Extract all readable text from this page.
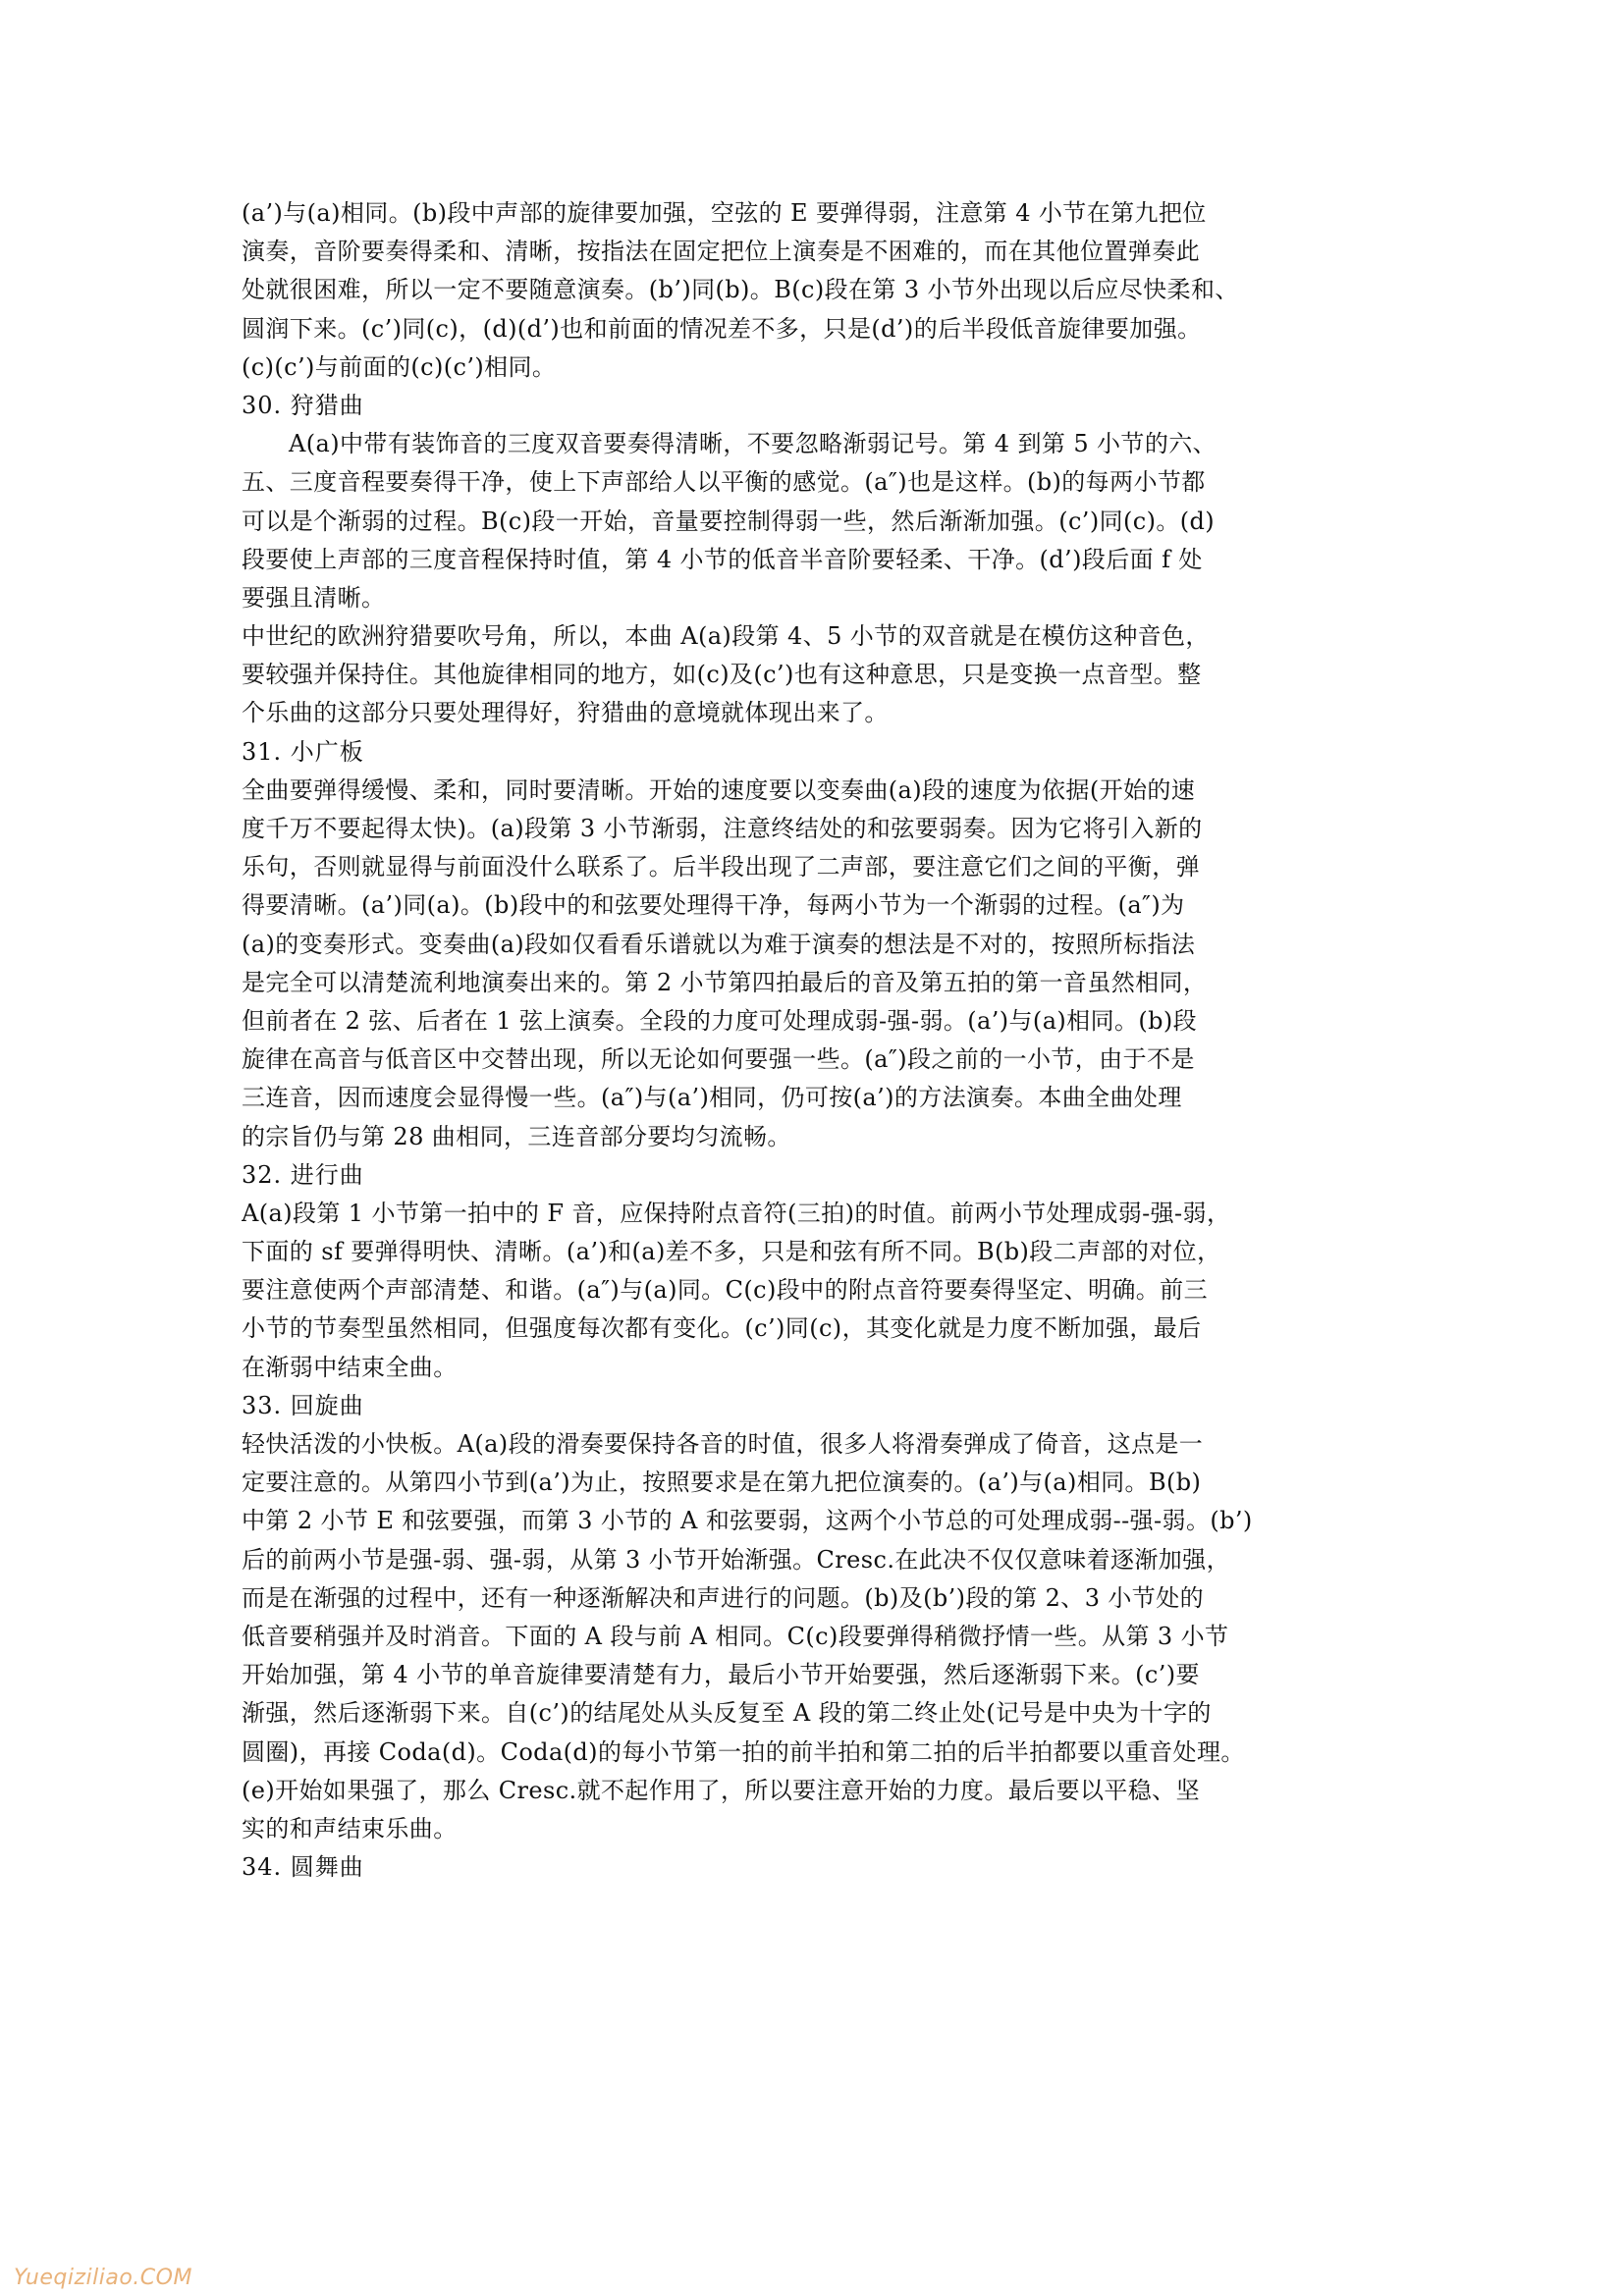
(a’)与(a)相同。(b)段中声部的旋律要加强，空弦的 E 要弹得弱，注意第 4 小节在第九把位
演奏，音阶要奏得柔和、清晰，按指法在固定把位上演奏是不困难的，而在其他位置弹奏此
处就很困难，所以一定不要随意演奏。(b’)同(b)。B(c)段在第 3 小节外出现以后应尽快柔和、
圆润下来。(c’)同(c)，(d)(d’)也和前面的情况差不多，只是(d’)的后半段低音旋律要加强。
(c)(c’)与前面的(c)(c’)相同。
30. 狩猎曲
A(a)中带有装饰音的三度双音要奏得清晰，不要忽略渐弱记号。第 4 到第 5 小节的六、
五、三度音程要奏得干净，使上下声部给人以平衡的感觉。(a″)也是这样。(b)的每两小节都
可以是个渐弱的过程。B(c)段一开始，音量要控制得弱一些，然后渐渐加强。(c’)同(c)。(d)
段要使上声部的三度音程保持时值，第 4 小节的低音半音阶要轻柔、干净。(d’)段后面 f 处
要强且清晰。
中世纪的欧洲狩猎要吹号角，所以，本曲 A(a)段第 4、5 小节的双音就是在模仿这种音色，
要较强并保持住。其他旋律相同的地方，如(c)及(c’)也有这种意思，只是变换一点音型。整
个乐曲的这部分只要处理得好，狩猎曲的意境就体现出来了。
31. 小广板
全曲要弹得缓慢、柔和，同时要清晰。开始的速度要以变奏曲(a)段的速度为依据(开始的速
度千万不要起得太快)。(a)段第 3 小节渐弱，注意终结处的和弦要弱奏。因为它将引入新的
乐句，否则就显得与前面没什么联系了。后半段出现了二声部，要注意它们之间的平衡，弹
得要清晰。(a’)同(a)。(b)段中的和弦要处理得干净，每两小节为一个渐弱的过程。(a″)为
(a)的变奏形式。变奏曲(a)段如仅看看乐谱就以为难于演奏的想法是不对的，按照所标指法
是完全可以清楚流利地演奏出来的。第 2 小节第四拍最后的音及第五拍的第一音虽然相同，
但前者在 2 弦、后者在 1 弦上演奏。全段的力度可处理成弱-强-弱。(a’)与(a)相同。(b)段
旋律在高音与低音区中交替出现，所以无论如何要强一些。(a″)段之前的一小节，由于不是
三连音，因而速度会显得慢一些。(a″)与(a’)相同，仍可按(a’)的方法演奏。本曲全曲处理
的宗旨仍与第 28 曲相同，三连音部分要均匀流畅。
32. 进行曲
A(a)段第 1 小节第一拍中的 F 音，应保持附点音符(三拍)的时值。前两小节处理成弱-强-弱，
下面的 sf 要弹得明快、清晰。(a’)和(a)差不多，只是和弦有所不同。B(b)段二声部的对位，
要注意使两个声部清楚、和谐。(a″)与(a)同。C(c)段中的附点音符要奏得坚定、明确。前三
小节的节奏型虽然相同，但强度每次都有变化。(c’)同(c)，其变化就是力度不断加强，最后
在渐弱中结束全曲。
33. 回旋曲
轻快活泼的小快板。A(a)段的滑奏要保持各音的时值，很多人将滑奏弹成了倚音，这点是一
定要注意的。从第四小节到(a’)为止，按照要求是在第九把位演奏的。(a’)与(a)相同。B(b)
中第 2 小节 E 和弦要强，而第 3 小节的 A 和弦要弱，这两个小节总的可处理成弱--强-弱。(b’)
后的前两小节是强-弱、强-弱，从第 3 小节开始渐强。Cresc.在此决不仅仅意味着逐渐加强，
而是在渐强的过程中，还有一种逐渐解决和声进行的问题。(b)及(b’)段的第 2、3 小节处的
低音要稍强并及时消音。下面的 A 段与前 A 相同。C(c)段要弹得稍微抒情一些。从第 3 小节
开始加强，第 4 小节的单音旋律要清楚有力，最后小节开始要强，然后逐渐弱下来。(c’)要
渐强，然后逐渐弱下来。自(c’)的结尾处从头反复至 A 段的第二终止处(记号是中央为十字的
圆圈)，再接 Coda(d)。Coda(d)的每小节第一拍的前半拍和第二拍的后半拍都要以重音处理。
(e)开始如果强了，那么 Cresc.就不起作用了，所以要注意开始的力度。最后要以平稳、坚
实的和声结束乐曲。
34. 圆舞曲
Yueqiziliao.COM
